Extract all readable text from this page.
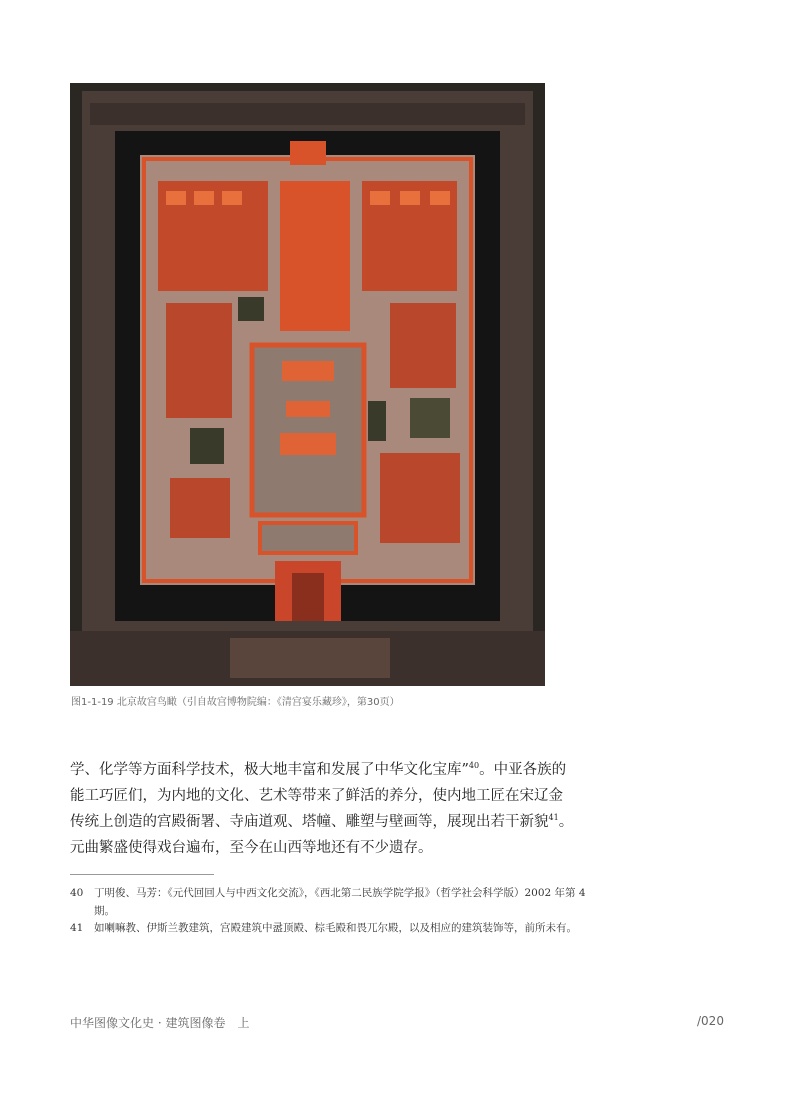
图1-1-19 北京故宫鸟瞰（引自故宫博物院编：《清宫宴乐藏珍》，第30页）
学、化学等方面科学技术，极大地丰富和发展了中华文化宝库”$^{40}$。中亚各族的
能工巧匠们，为内地的文化、艺术等带来了鲜活的养分，使内地工匠在宋辽金
传统上创造的宫殿衙署、寺庙道观、塔幢、雕塑与壁画等，展现出若干新貌$^{41}$。
元曲繁盛使得戏台遍布，至今在山西等地还有不少遗存。
40	丁明俊、马芳：《元代回回人与中西文化交流》，《西北第二民族学院学报》（哲学社会科学版）2002 年第 4 期。
41	如喇嘛教、伊斯兰教建筑，宫殿建筑中盝顶殿、棕毛殿和畏兀尔殿，以及相应的建筑装饰等，前所未有。
中华图像文化史 · 建筑图像卷　上	/020
